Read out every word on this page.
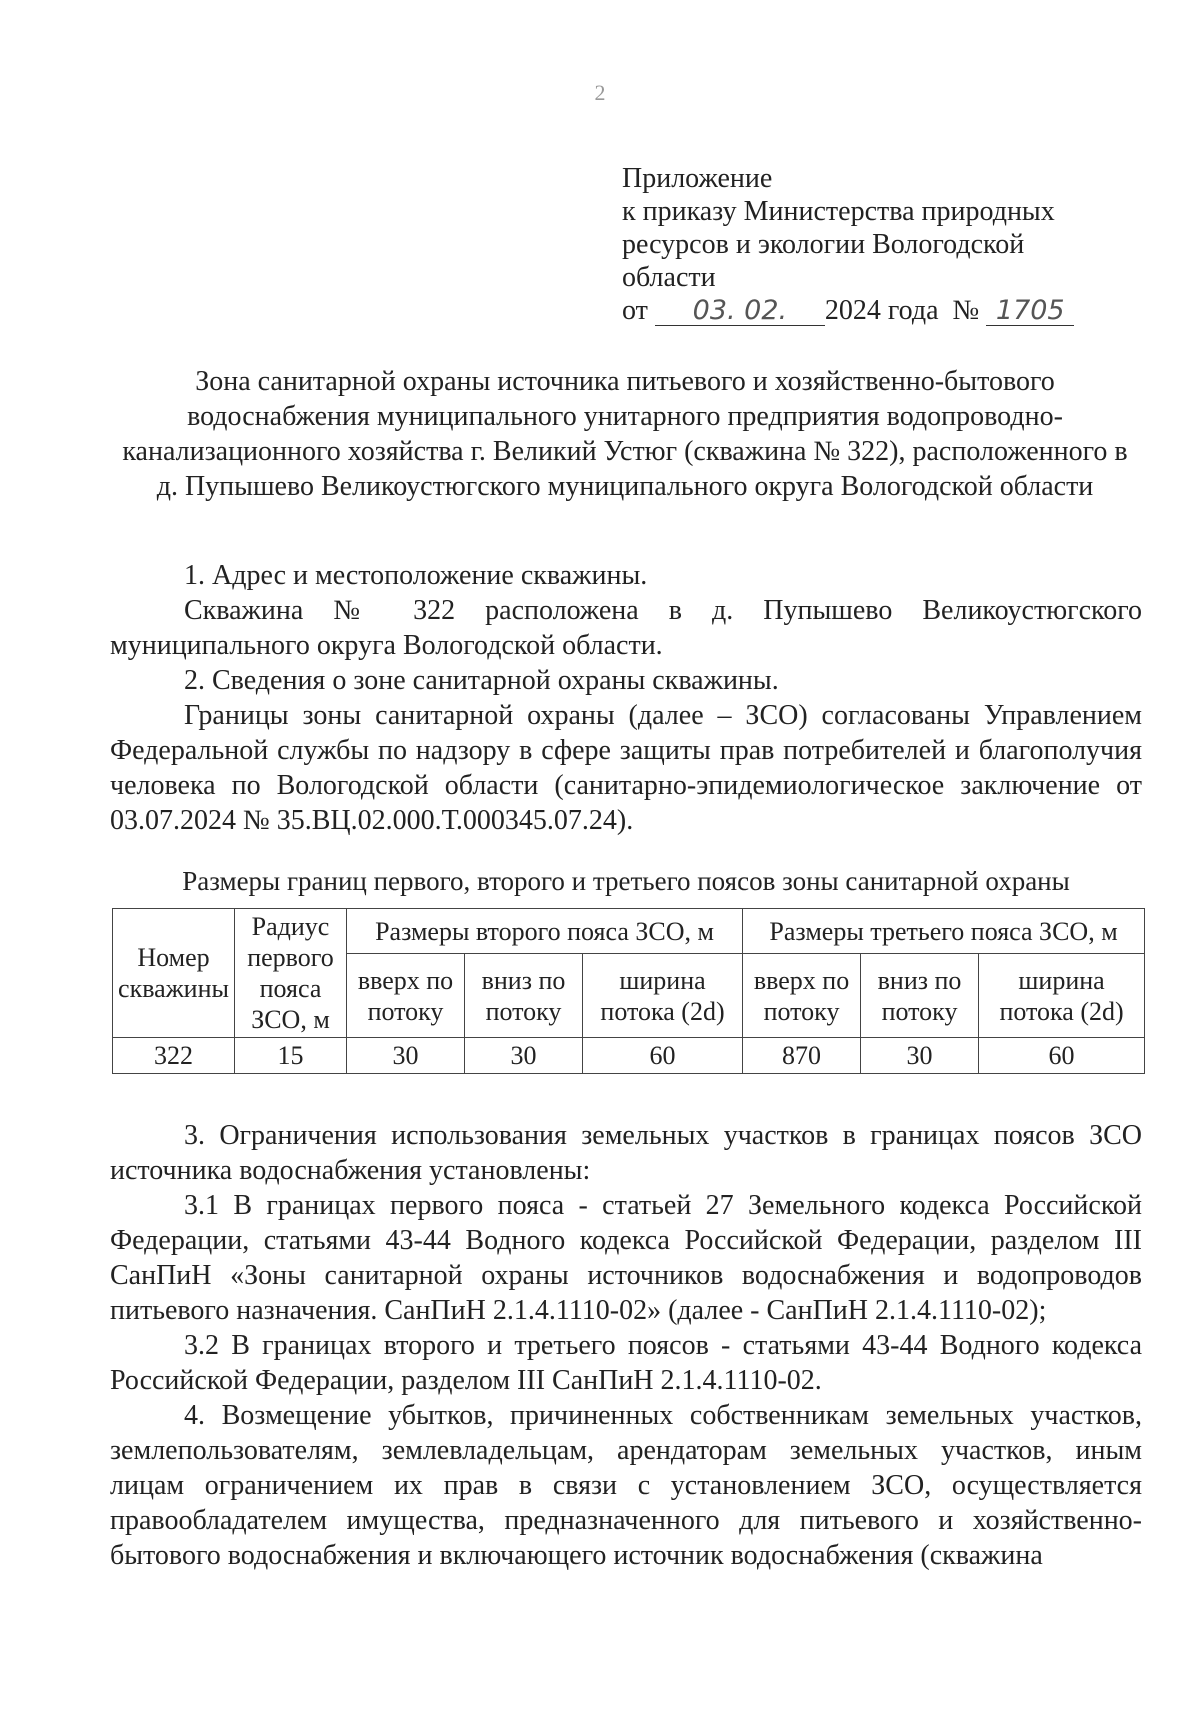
2
Приложение
к приказу Министерства природных
ресурсов и экологии Вологодской
области
от 03. 02. 2024 года № 1705
Зона санитарной охраны источника питьевого и хозяйственно-бытового
водоснабжения муниципального унитарного предприятия водопроводно-
канализационного хозяйства г. Великий Устюг (скважина № 322), расположенного в
д. Пупышево Великоустюгского муниципального округа Вологодской области

1. Адрес и местоположение скважины.

Скважина № 322 расположена в д. Пупышево Великоустюгского муниципального округа Вологодской области.

2. Сведения о зоне санитарной охраны скважины.

Границы зоны санитарной охраны (далее – ЗСО) согласованы Управлением Федеральной службы по надзору в сфере защиты прав потребителей и благополучия человека по Вологодской области (санитарно-эпидемиологическое заключение от 03.07.2024 № 35.ВЦ.02.000.Т.000345.07.24).

Размеры границ первого, второго и третьего поясов зоны санитарной охраны
Номер скважины	Радиус первого пояса ЗСО, м	Размеры второго пояса ЗСО, м			Размеры третьего пояса ЗСО, м		
		вверх по потоку	вниз по потоку	ширина потока (2d)	вверх по потоку	вниз по потоку	ширина потока (2d)
322	15	30	30	60	870	30	60

3. Ограничения использования земельных участков в границах поясов ЗСО источника водоснабжения установлены:

3.1 В границах первого пояса - статьей 27 Земельного кодекса Российской Федерации, статьями 43-44 Водного кодекса Российской Федерации, разделом III СанПиН «Зоны санитарной охраны источников водоснабжения и водопроводов питьевого назначения. СанПиН 2.1.4.1110-02» (далее - СанПиН 2.1.4.1110-02);

3.2 В границах второго и третьего поясов - статьями 43-44 Водного кодекса Российской Федерации, разделом III СанПиН 2.1.4.1110-02.

4. Возмещение убытков, причиненных собственникам земельных участков, землепользователям, землевладельцам, арендаторам земельных участков, иным лицам ограничением их прав в связи с установлением ЗСО, осуществляется правообладателем имущества, предназначенного для питьевого и хозяйственно-бытового водоснабжения и включающего источник водоснабжения (скважина
